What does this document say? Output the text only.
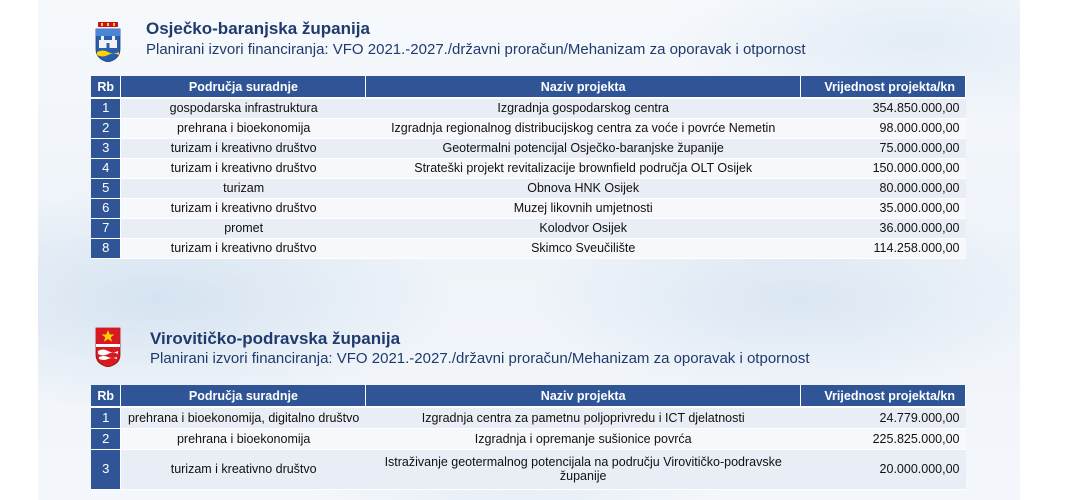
Osječko-baranjska županija
Planirani izvori financiranja: VFO 2021.-2027./državni proračun/Mehanizam za oporavak i otpornost
Rb	Područja suradnje	Naziv projekta	Vrijednost projekta/kn
1	gospodarska infrastruktura	Izgradnja gospodarskog centra	354.850.000,00
2	prehrana i bioekonomija	Izgradnja regionalnog distribucijskog centra za voće i povrće Nemetin	98.000.000,00
3	turizam i kreativno društvo	Geotermalni potencijal Osječko-baranjske županije	75.000.000,00
4	turizam i kreativno društvo	Strateški projekt revitalizacije brownfield područja OLT Osijek	150.000.000,00
5	turizam	Obnova HNK Osijek	80.000.000,00
6	turizam i kreativno društvo	Muzej likovnih umjetnosti	35.000.000,00
7	promet	Kolodvor Osijek	36.000.000,00
8	turizam i kreativno društvo	Skimco Sveučilište	114.258.000,00
Virovitičko-podravska županija
Planirani izvori financiranja: VFO 2021.-2027./državni proračun/Mehanizam za oporavak i otpornost
Rb	Područja suradnje	Naziv projekta	Vrijednost projekta/kn
1	prehrana i bioekonomija, digitalno društvo	Izgradnja centra za pametnu poljoprivredu i ICT djelatnosti	24.779.000,00
2	prehrana i bioekonomija	Izgradnja i opremanje sušionice povrća	225.825.000,00
3	turizam i kreativno društvo	Istraživanje geotermalnog potencijala na području Virovitičko-podravske županije	20.000.000,00
